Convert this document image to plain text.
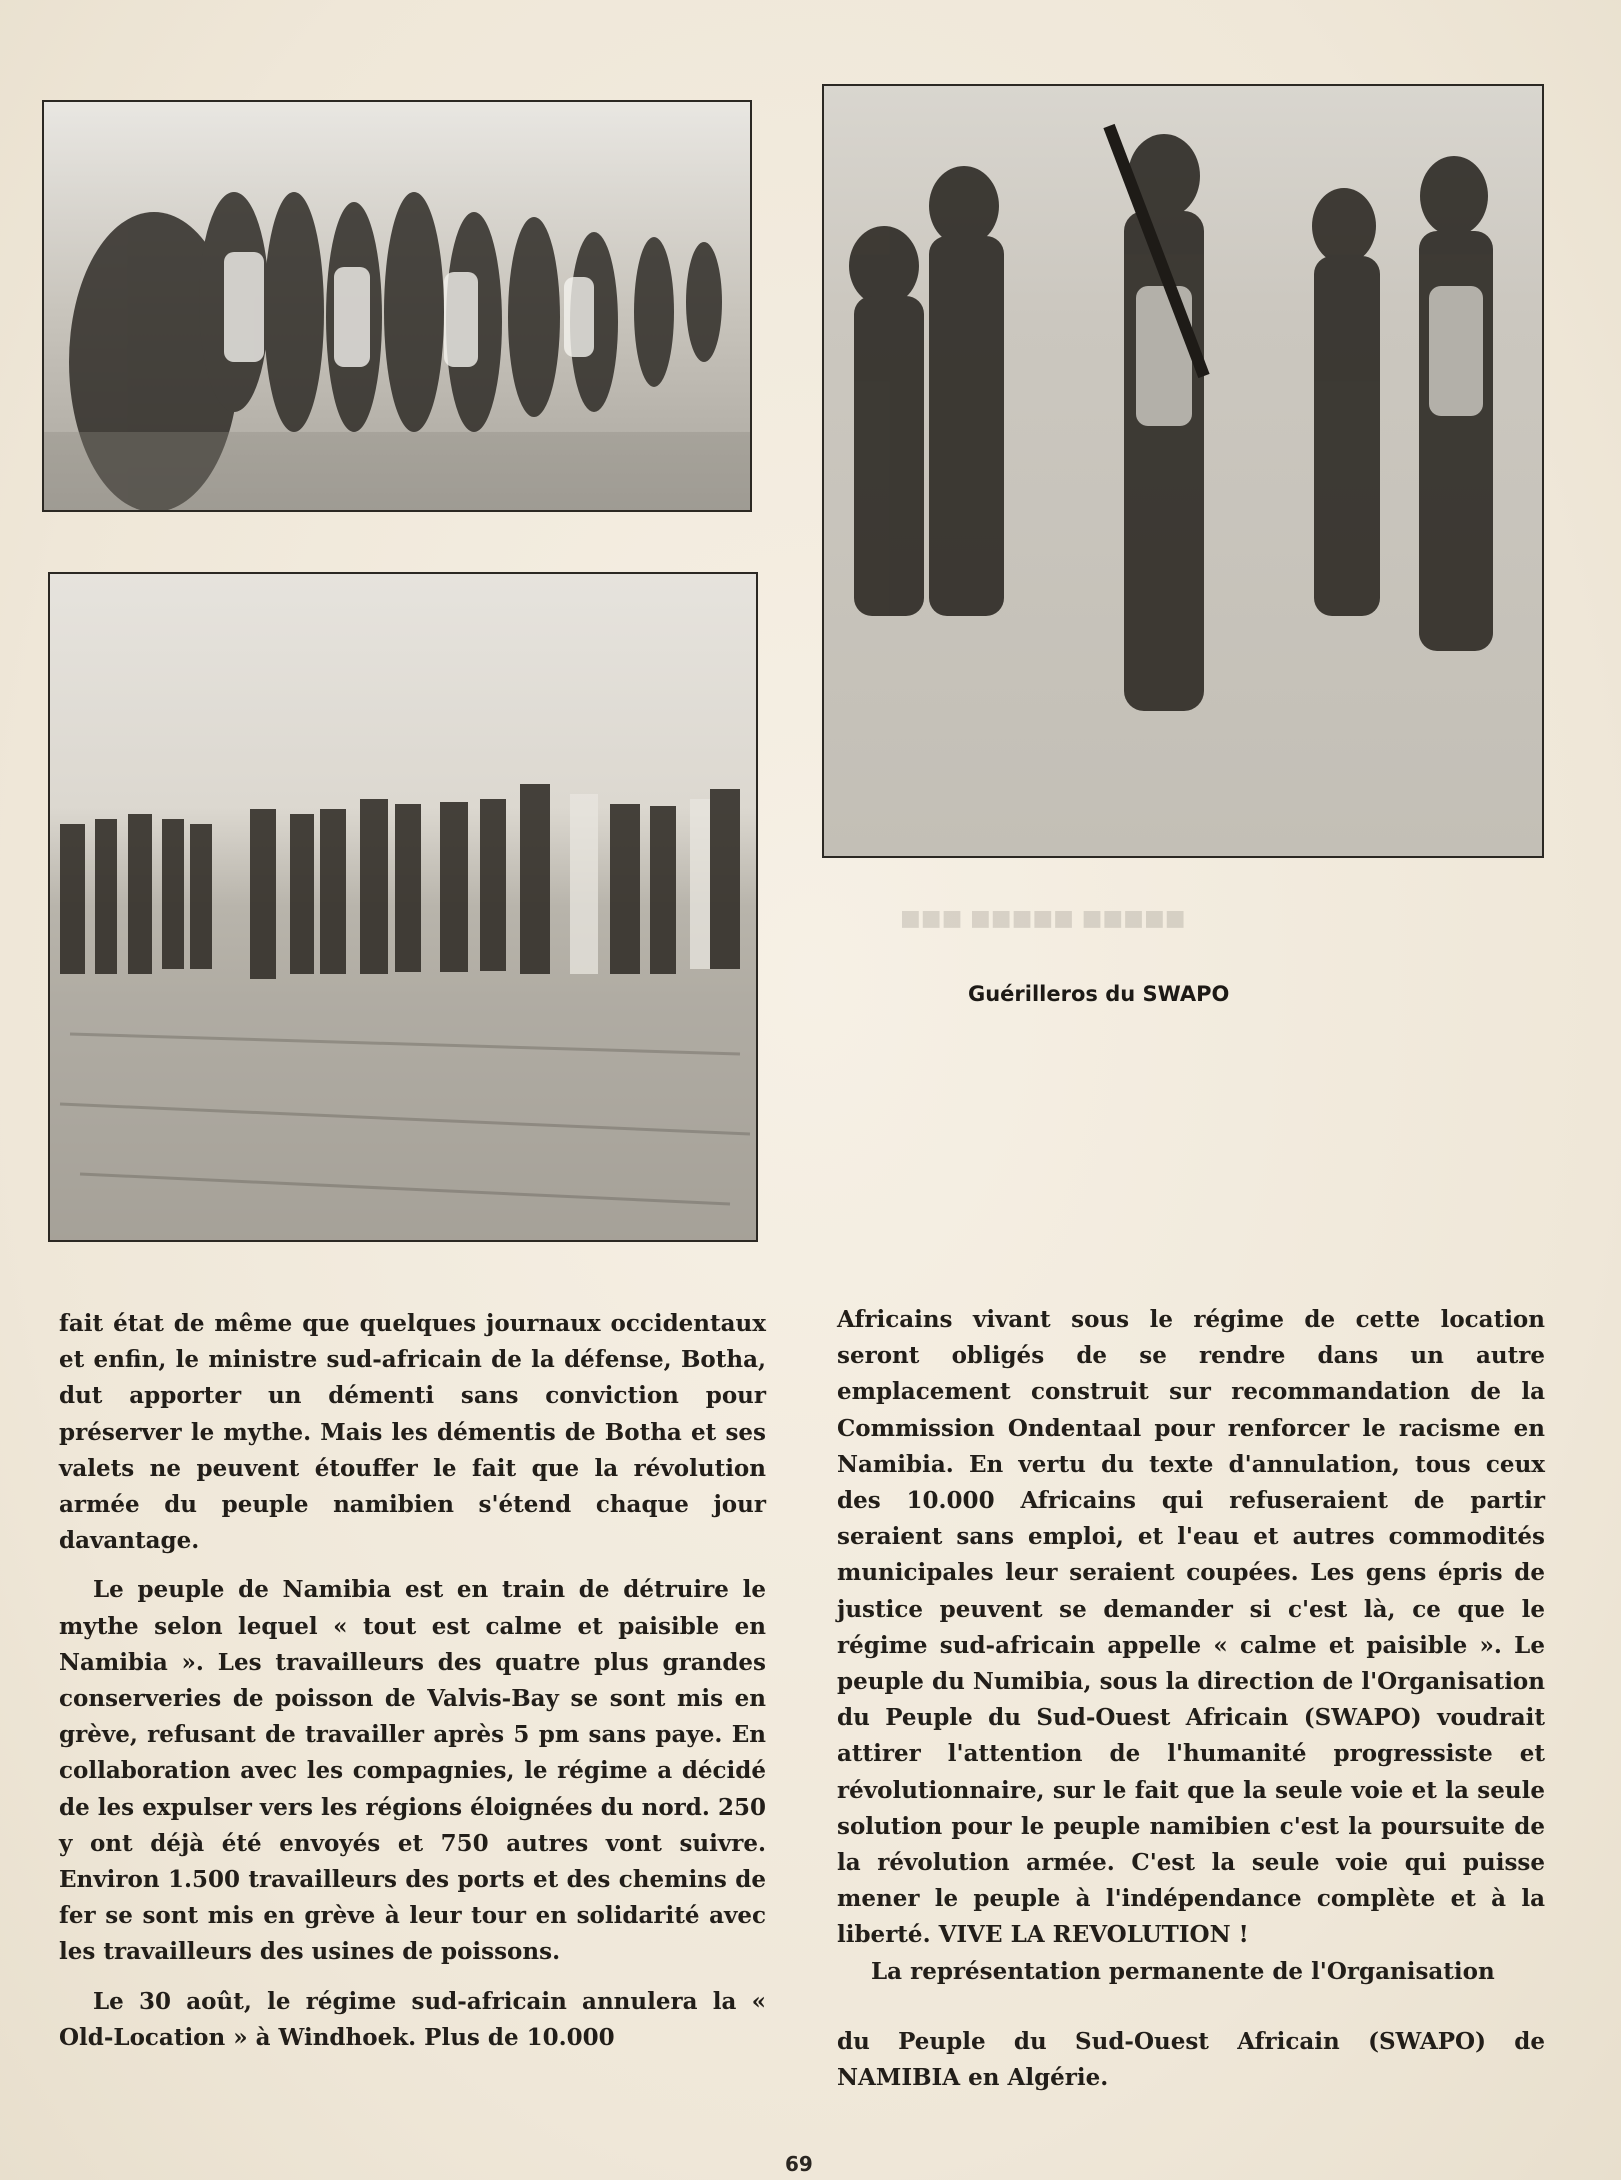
■■■ ■■■■■ ■■■■■
Guérilleros du SWAPO

fait état de même que quelques journaux occidentaux et enfin, le ministre sud-africain de la défense, Botha, dut apporter un démenti sans conviction pour préserver le mythe. Mais les démentis de Botha et ses valets ne peuvent étouffer le fait que la révolution armée du peuple namibien s'étend chaque jour davantage.

Le peuple de Namibia est en train de détruire le mythe selon lequel « tout est calme et paisible en Namibia ». Les travailleurs des quatre plus grandes conserveries de poisson de Valvis-Bay se sont mis en grève, refusant de travailler après 5 pm sans paye. En collaboration avec les compagnies, le régime a décidé de les expulser vers les régions éloignées du nord. 250 y ont déjà été envoyés et 750 autres vont suivre. Environ 1.500 travailleurs des ports et des chemins de fer se sont mis en grève à leur tour en solidarité avec les travailleurs des usines de poissons.

Le 30 août, le régime sud-africain annulera la « Old-Location » à Windhoek. Plus de 10.000

Africains vivant sous le régime de cette location seront obligés de se rendre dans un autre emplacement construit sur recommandation de la Commission Ondentaal pour renforcer le racisme en Namibia. En vertu du texte d'annulation, tous ceux des 10.000 Africains qui refuseraient de partir seraient sans emploi, et l'eau et autres commodités municipales leur seraient coupées. Les gens épris de justice peuvent se demander si c'est là, ce que le régime sud-africain appelle « calme et paisible ». Le peuple du Numibia, sous la direction de l'Organisation du Peuple du Sud-Ouest Africain (SWAPO) voudrait attirer l'attention de l'humanité progressiste et révolutionnaire, sur le fait que la seule voie et la seule solution pour le peuple namibien c'est la poursuite de la révolution armée. C'est la seule voie qui puisse mener le peuple à l'indépendance complète et à la liberté. VIVE LA REVOLUTION !

La représentation permanente de l'Organisation

du Peuple du Sud-Ouest Africain (SWAPO) de NAMIBIA en Algérie.

69
